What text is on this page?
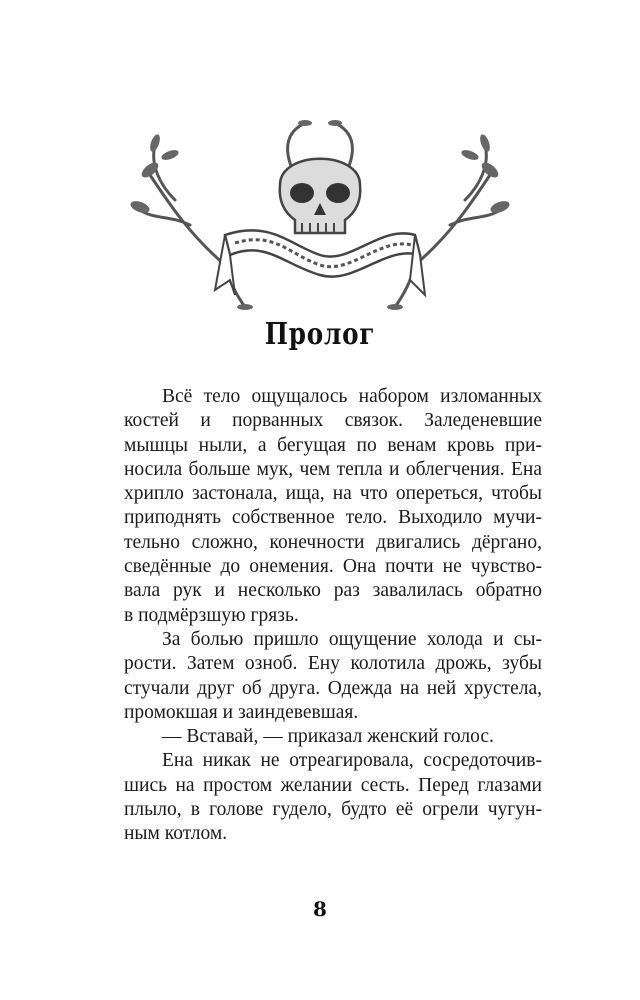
Пролог
Всё тело ощущалось набором изломанных
костей и порванных связок. Заледеневшие
мышцы ныли, а бегущая по венам кровь при-
носила больше мук, чем тепла и облегчения. Ена
хрипло застонала, ища, на что опереться, чтобы
приподнять собственное тело. Выходило мучи-
тельно сложно, конечности двигались дёргано,
сведённые до онемения. Она почти не чувство-
вала рук и несколько раз завалилась обратно
в подмёрзшую грязь.
За болью пришло ощущение холода и сы-
рости. Затем озноб. Ену колотила дрожь, зубы
стучали друг об друга. Одежда на ней хрустела,
промокшая и заиндевевшая.
— Вставай, — приказал женский голос.
Ена никак не отреагировала, сосредоточив-
шись на простом желании сесть. Перед глазами
плыло, в голове гудело, будто её огрели чугун-
ным котлом.
8
